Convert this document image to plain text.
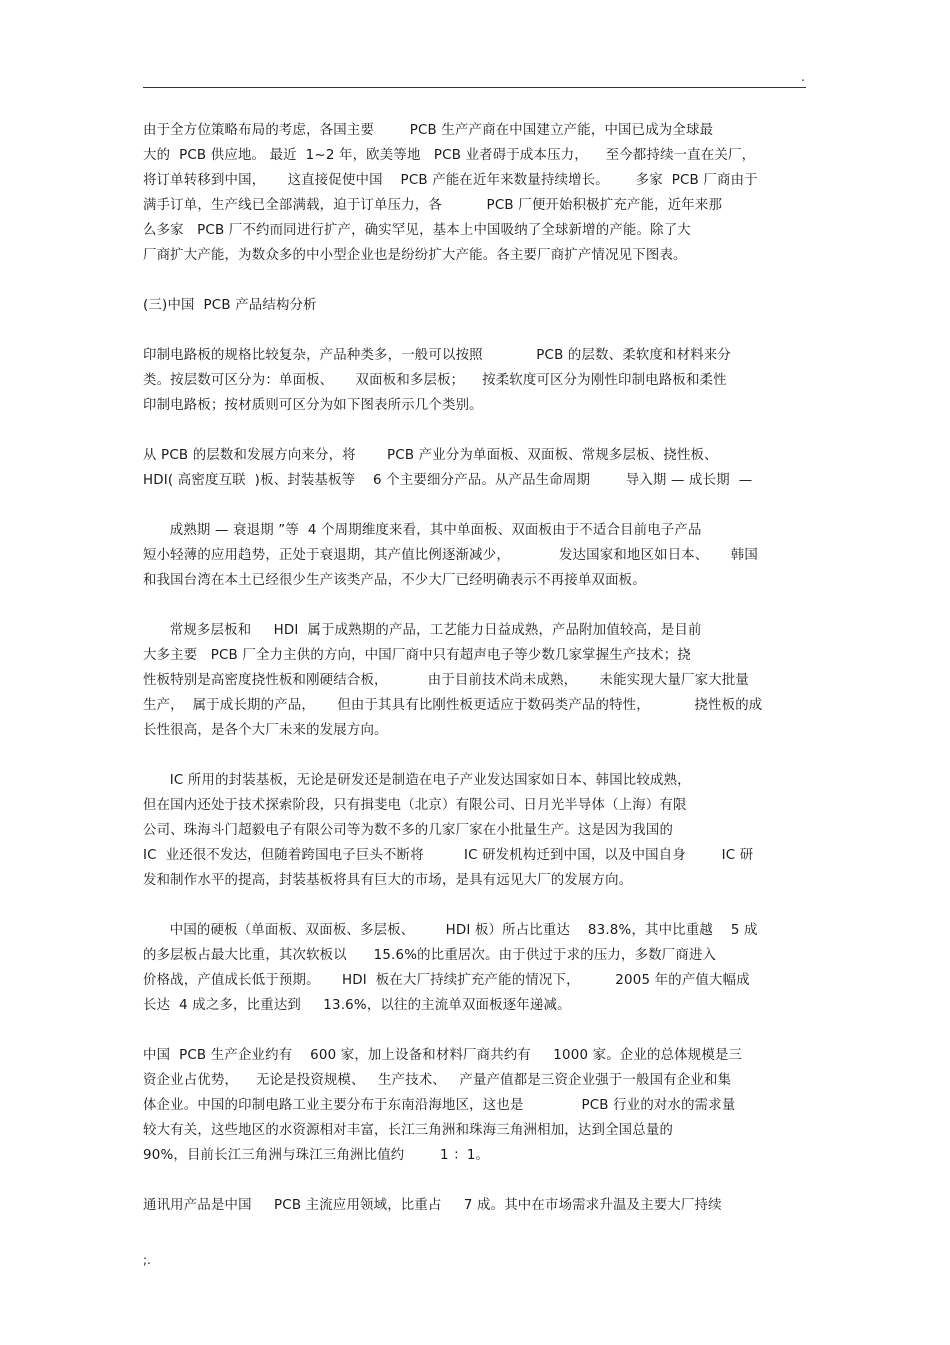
.

由于全方位策略布局的考虑，各国主要        PCB 生产产商在中国建立产能，中国已成为全球最
大的  PCB 供应地。 最近  1~2 年，欧美等地   PCB 业者碍于成本压力，    至今都持续一直在关厂，
将订单转移到中国，     这直接促使中国    PCB 产能在近年来数量持续增长。      多家  PCB 厂商由于
满手订单，生产线已全部满载，迫于订单压力，各          PCB 厂便开始积极扩充产能，近年来那
么多家   PCB 厂不约而同进行扩产，确实罕见，基本上中国吸纳了全球新增的产能。除了大
厂商扩大产能，为数众多的中小型企业也是纷纷扩大产能。各主要厂商扩产情况见下图表。

(三)中国  PCB 产品结构分析

印制电路板的规格比较复杂，产品种类多，一般可以按照            PCB 的层数、柔软度和材料来分
类。按层数可区分为：单面板、     双面板和多层板；    按柔软度可区分为刚性印制电路板和柔性
印制电路板；按材质则可区分为如下图表所示几个类别。

从 PCB 的层数和发展方向来分，将       PCB 产业分为单面板、双面板、常规多层板、挠性板、
HDI( 高密度互联  )板、封装基板等    6 个主要细分产品。从产品生命周期        导入期 — 成长期  —
成熟期 — 衰退期 ”等  4 个周期维度来看，其中单面板、双面板由于不适合目前电子产品
短小轻薄的应用趋势，正处于衰退期，其产值比例逐渐减少，           发达国家和地区如日本、     韩国
和我国台湾在本土已经很少生产该类产品，不少大厂已经明确表示不再接单双面板。

常规多层板和     HDI  属于成熟期的产品，工艺能力日益成熟，产品附加值较高，是目前
大多主要   PCB 厂全力主供的方向，中国厂商中只有超声电子等少数几家掌握生产技术；挠
性板特别是高密度挠性板和刚硬结合板，         由于目前技术尚未成熟，     未能实现大量厂家大批量
生产，  属于成长期的产品，     但由于其具有比刚性板更适应于数码类产品的特性，          挠性板的成
长性很高，是各个大厂未来的发展方向。

IC 所用的封装基板，无论是研发还是制造在电子产业发达国家如日本、韩国比较成熟，
但在国内还处于技术探索阶段，只有揖斐电（北京）有限公司、日月光半导体（上海）有限
公司、珠海斗门超毅电子有限公司等为数不多的几家厂家在小批量生产。这是因为我国的
IC  业还很不发达，但随着跨国电子巨头不断将         IC 研发机构迁到中国，以及中国自身        IC 研
发和制作水平的提高，封装基板将具有巨大的市场，是具有远见大厂的发展方向。

中国的硬板（单面板、双面板、多层板、       HDI 板）所占比重达    83.8%，其中比重越    5 成
的多层板占最大比重，其次软板以      15.6%的比重居次。由于供过于求的压力，多数厂商进入
价格战，产值成长低于预期。     HDI  板在大厂持续扩充产能的情况下，        2005 年的产值大幅成
长达  4 成之多，比重达到     13.6%，以往的主流单双面板逐年递减。

中国  PCB 生产企业约有    600 家，加上设备和材料厂商共约有     1000 家。企业的总体规模是三
资企业占优势，    无论是投资规模、   生产技术、   产量产值都是三资企业强于一般国有企业和集
体企业。中国的印制电路工业主要分布于东南沿海地区，这也是             PCB 行业的对水的需求量
较大有关，这些地区的水资源相对丰富，长江三角洲和珠海三角洲相加，达到全国总量的
90%，目前长江三角洲与珠江三角洲比值约        1 ：1。

通讯用产品是中国     PCB 主流应用领域，比重占     7 成。其中在市场需求升温及主要大厂持续

;.
